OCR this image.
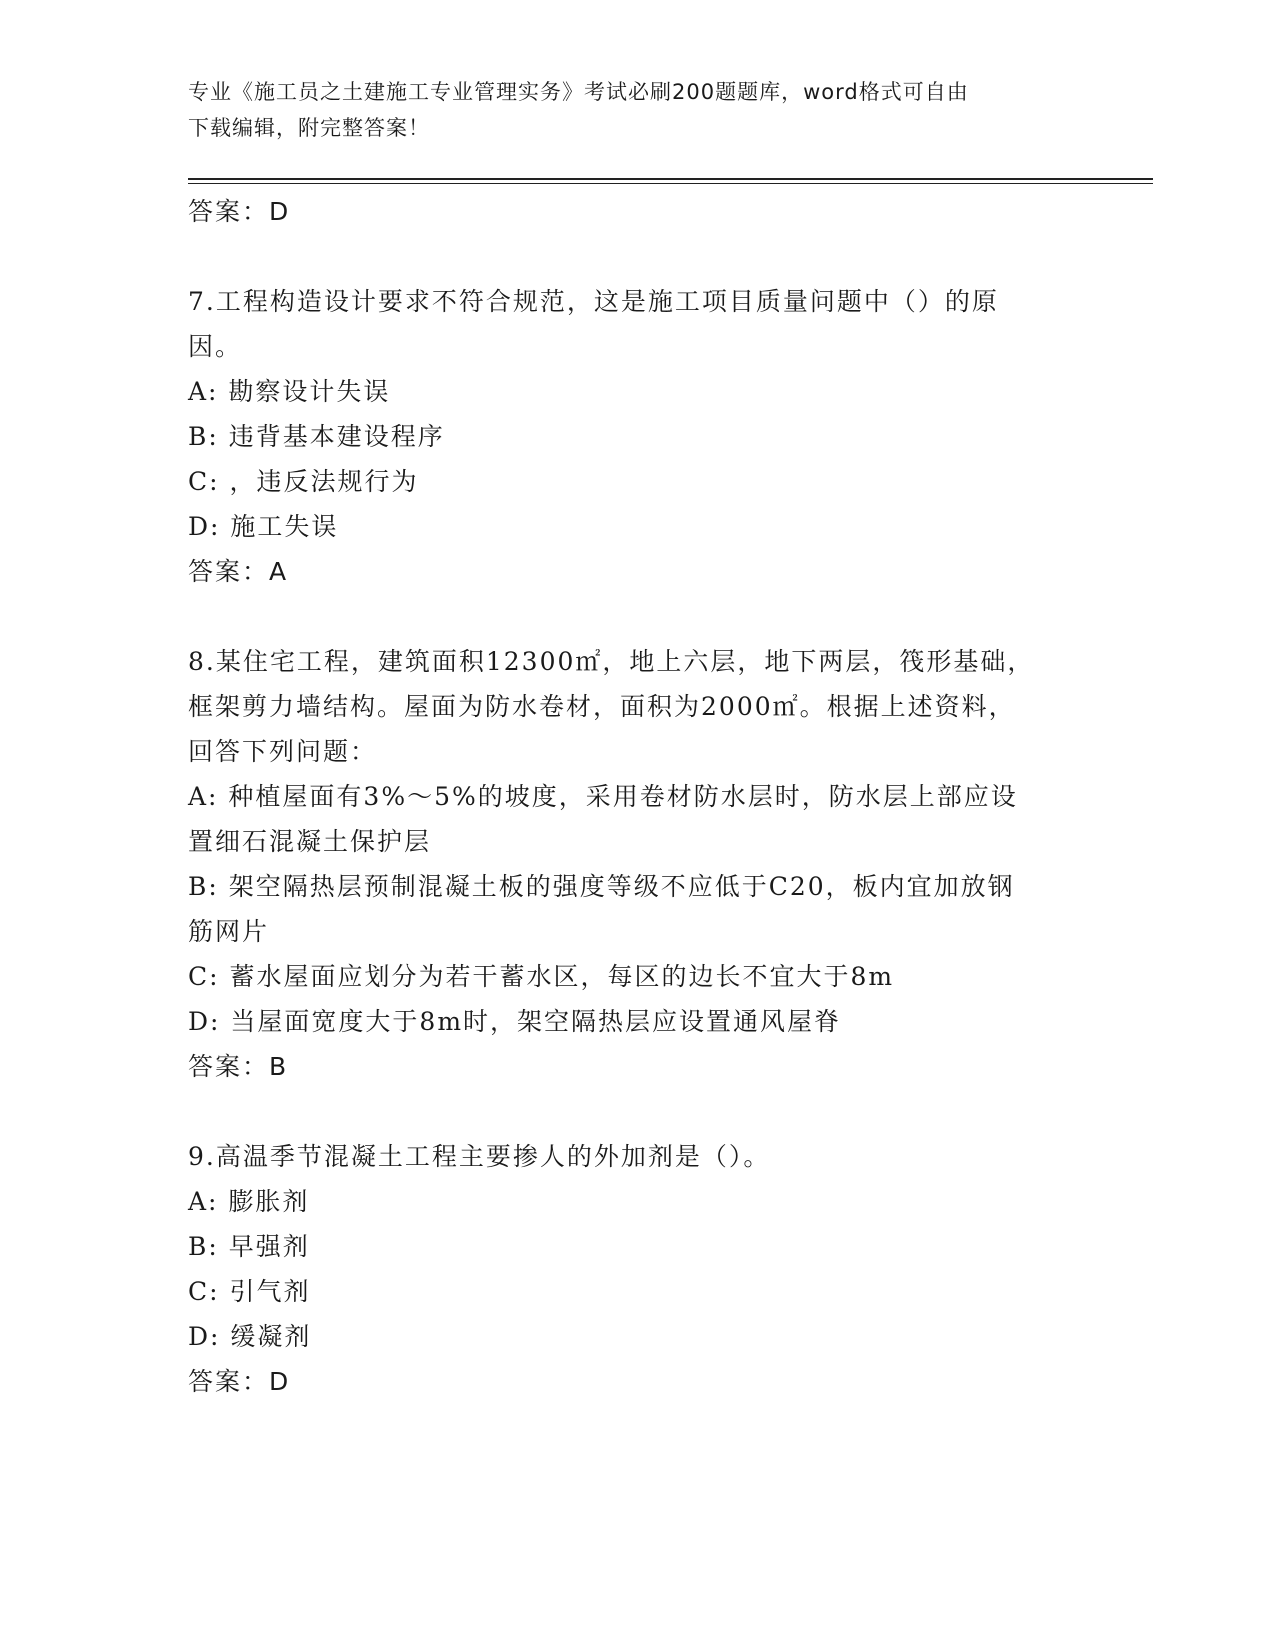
专业《施工员之土建施工专业管理实务》考试必刷200题题库，word格式可自由
下载编辑，附完整答案！
答案：D
7.工程构造设计要求不符合规范，这是施工项目质量问题中（）的原
因。
A: 勘察设计失误
B: 违背基本建设程序
C: ，违反法规行为
D: 施工失误
答案：A
8.某住宅工程，建筑面积12300㎡，地上六层，地下两层，筏形基础，
框架剪力墙结构。屋面为防水卷材，面积为2000㎡。根据上述资料，
回答下列问题：
A: 种植屋面有3%～5%的坡度，采用卷材防水层时，防水层上部应设
置细石混凝土保护层
B: 架空隔热层预制混凝土板的强度等级不应低于C20，板内宜加放钢
筋网片
C: 蓄水屋面应划分为若干蓄水区，每区的边长不宜大于8m
D: 当屋面宽度大于8m时，架空隔热层应设置通风屋脊
答案：B
9.高温季节混凝土工程主要掺人的外加剂是（）。
A: 膨胀剂
B: 早强剂
C: 引气剂
D: 缓凝剂
答案：D
